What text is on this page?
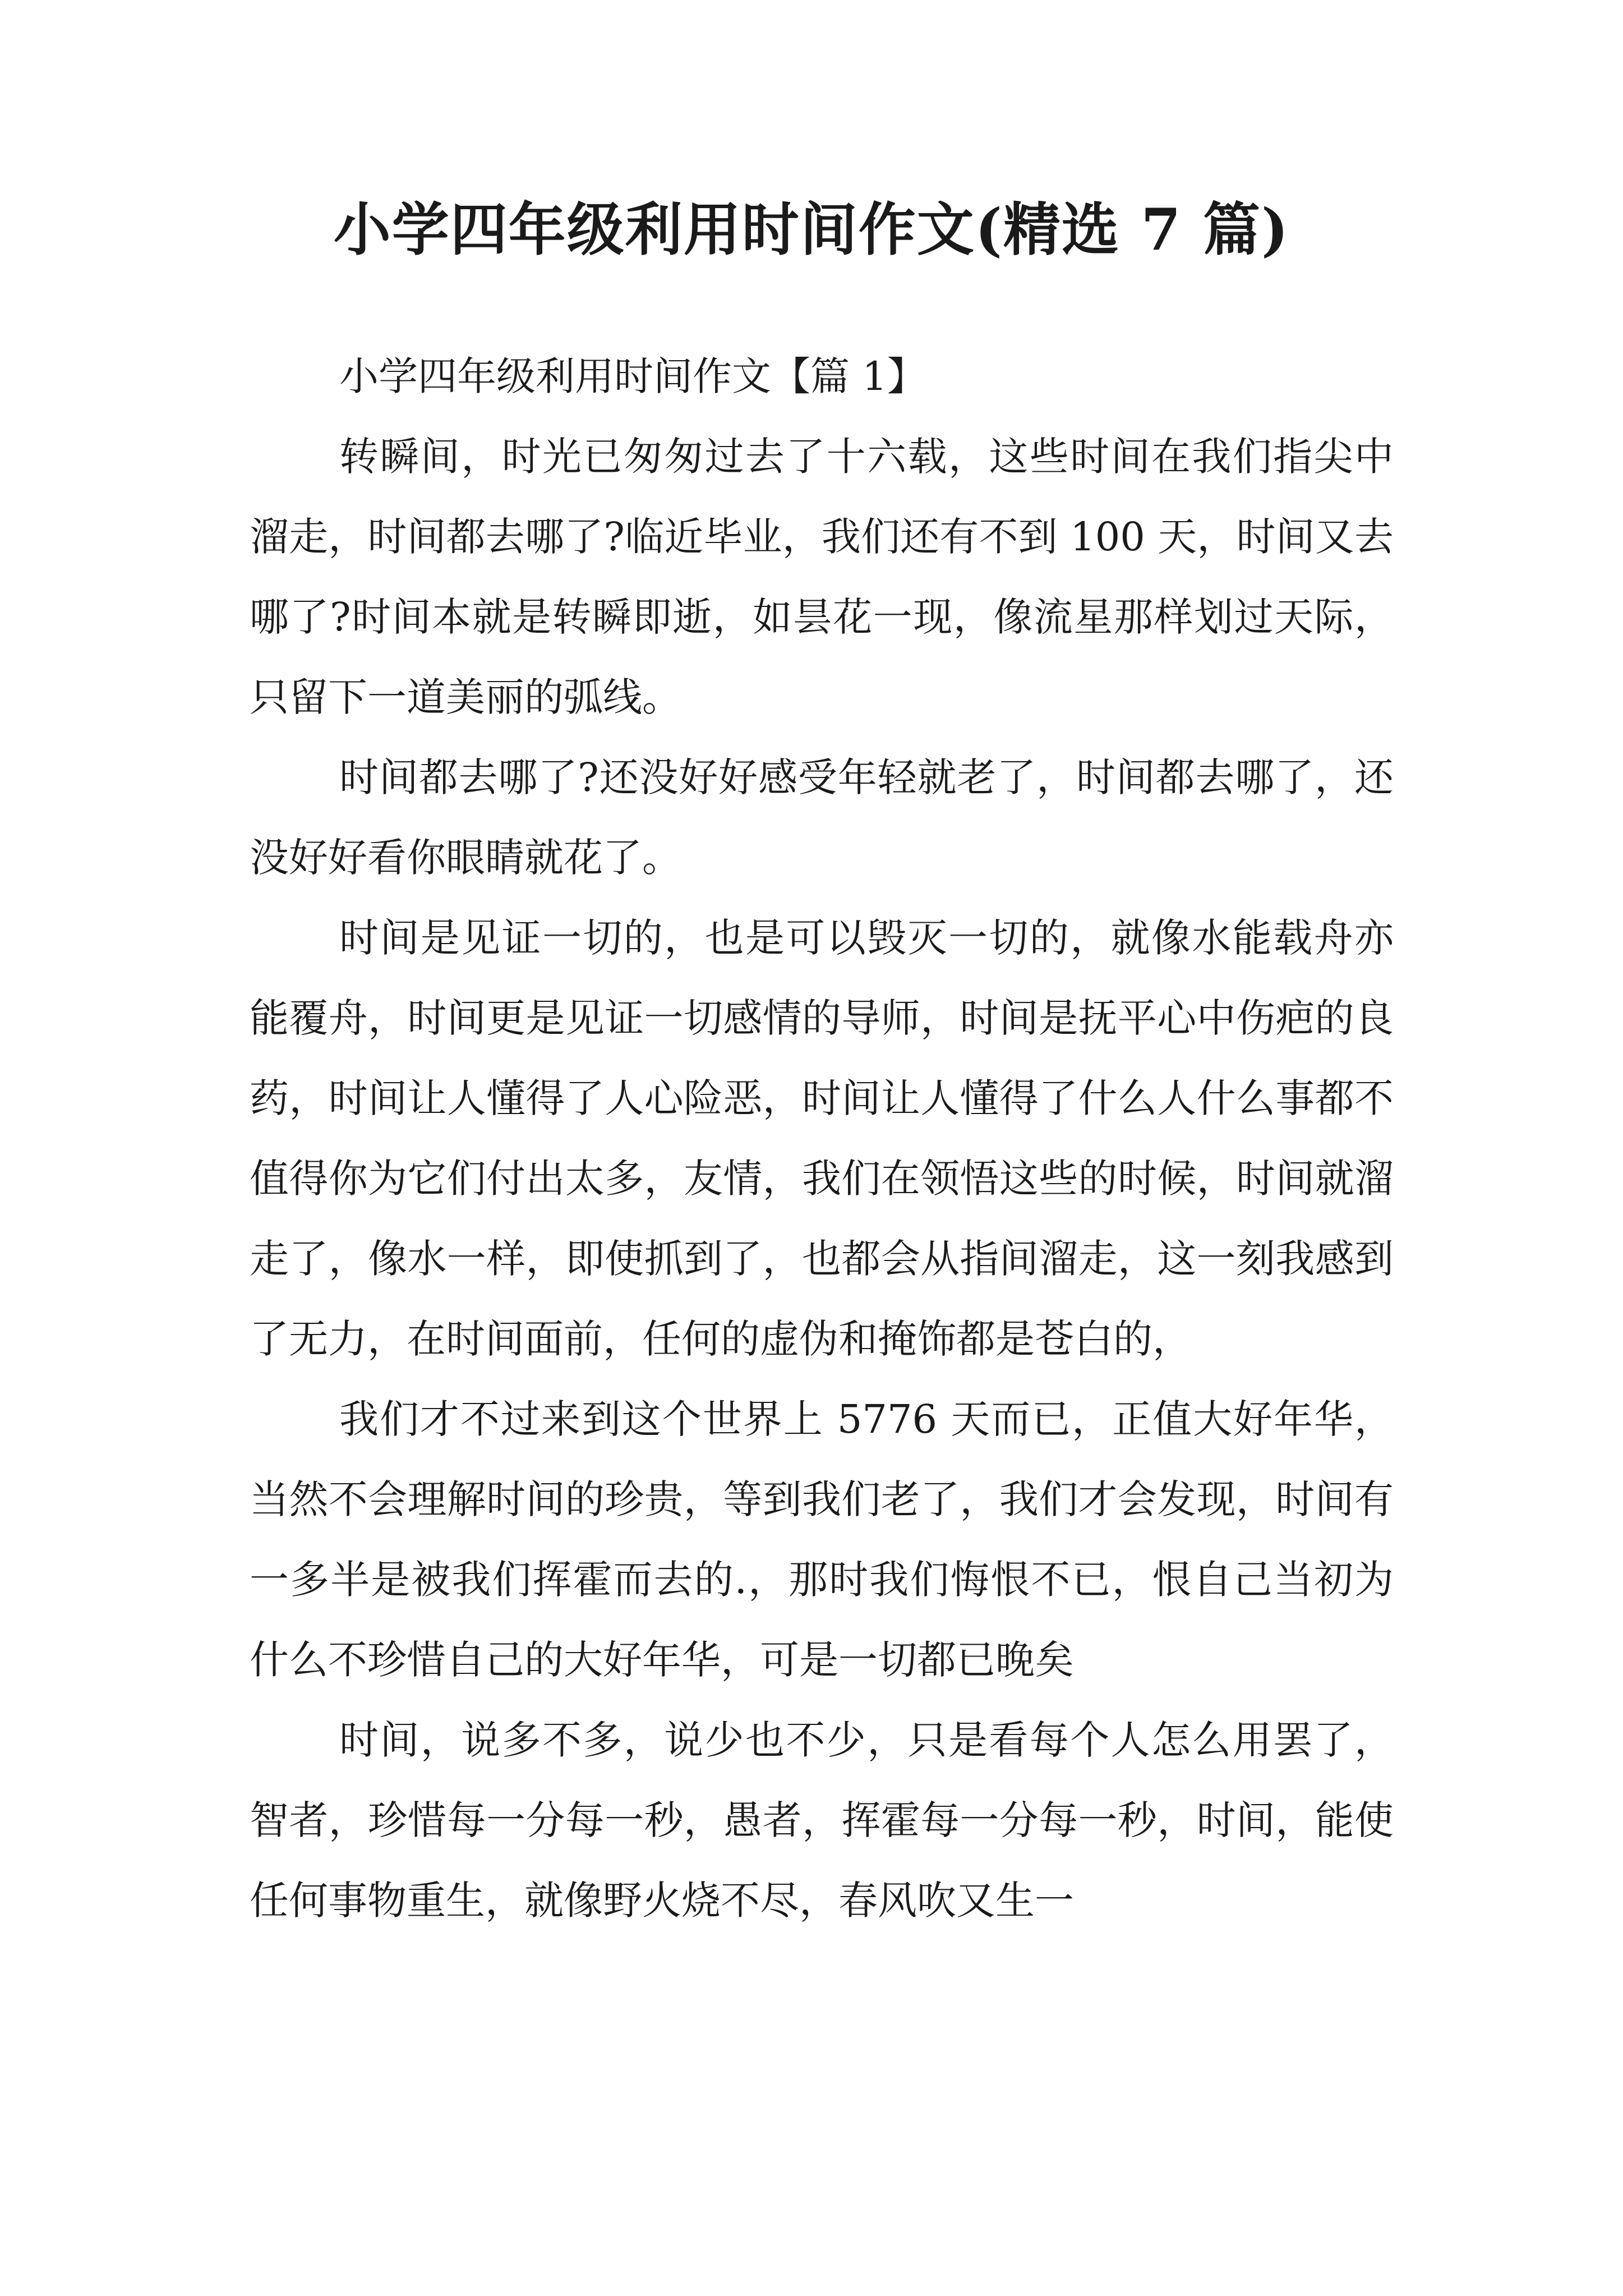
小学四年级利用时间作文(精选 7 篇)
小学四年级利用时间作文【篇 1】

转瞬间，时光已匆匆过去了十六载，这些时间在我们指尖中溜走，时间都去哪了?临近毕业，我们还有不到 100 天，时间又去哪了?时间本就是转瞬即逝，如昙花一现，像流星那样划过天际，只留下一道美丽的弧线。

时间都去哪了?还没好好感受年轻就老了，时间都去哪了，还没好好看你眼睛就花了。

时间是见证一切的，也是可以毁灭一切的，就像水能载舟亦能覆舟，时间更是见证一切感情的导师，时间是抚平心中伤疤的良药，时间让人懂得了人心险恶，时间让人懂得了什么人什么事都不值得你为它们付出太多，友情，我们在领悟这些的时候，时间就溜走了，像水一样，即使抓到了，也都会从指间溜走，这一刻我感到了无力，在时间面前，任何的虚伪和掩饰都是苍白的，

我们才不过来到这个世界上 5776 天而已，正值大好年华，当然不会理解时间的珍贵，等到我们老了，我们才会发现，时间有一多半是被我们挥霍而去的.，那时我们悔恨不已，恨自己当初为什么不珍惜自己的大好年华，可是一切都已晚矣

时间，说多不多，说少也不少，只是看每个人怎么用罢了，智者，珍惜每一分每一秒，愚者，挥霍每一分每一秒，时间，能使任何事物重生，就像野火烧不尽，春风吹又生一
